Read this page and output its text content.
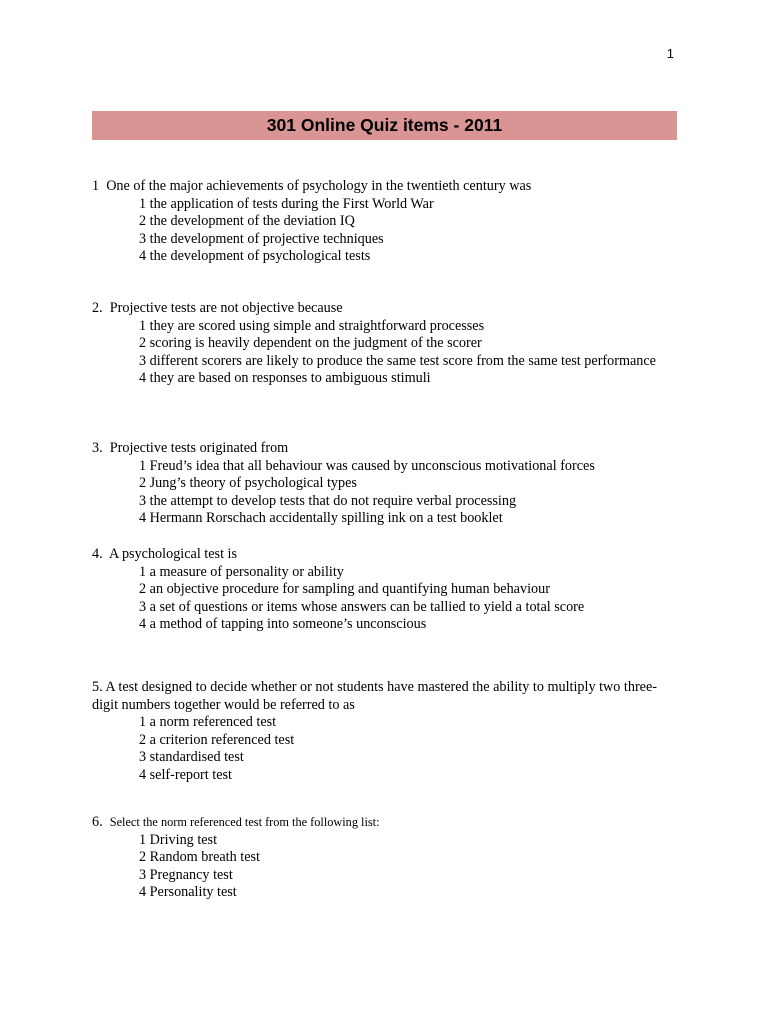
1
301 Online Quiz items - 2011
1  One of the major achievements of psychology in the twentieth century was
1 the application of tests during the First World War
2 the development of the deviation IQ
3 the development of projective techniques
4 the development of psychological tests
2.  Projective tests are not objective because
1 they are scored using simple and straightforward processes
2 scoring is heavily dependent on the judgment of the scorer
3 different scorers are likely to produce the same test score from the same test performance
4 they are based on responses to ambiguous stimuli
3.  Projective tests originated from
1 Freud’s idea that all behaviour was caused by unconscious motivational forces
2 Jung’s theory of psychological types
3 the attempt to develop tests that do not require verbal processing
4 Hermann Rorschach accidentally spilling ink on a test booklet
4.  A psychological test is
1 a measure of personality or ability
2 an objective procedure for sampling and quantifying human behaviour
3 a set of questions or items whose answers can be tallied to yield a total score
4 a method of tapping into someone’s unconscious
5. A test designed to decide whether or not students have mastered the ability to multiply two three-digit numbers together would be referred to as
1 a norm referenced test
2 a criterion referenced test
3 standardised test
4 self-report test
6. Select the norm referenced test from the following list:
1 Driving test
2 Random breath test
3 Pregnancy test
4 Personality test
